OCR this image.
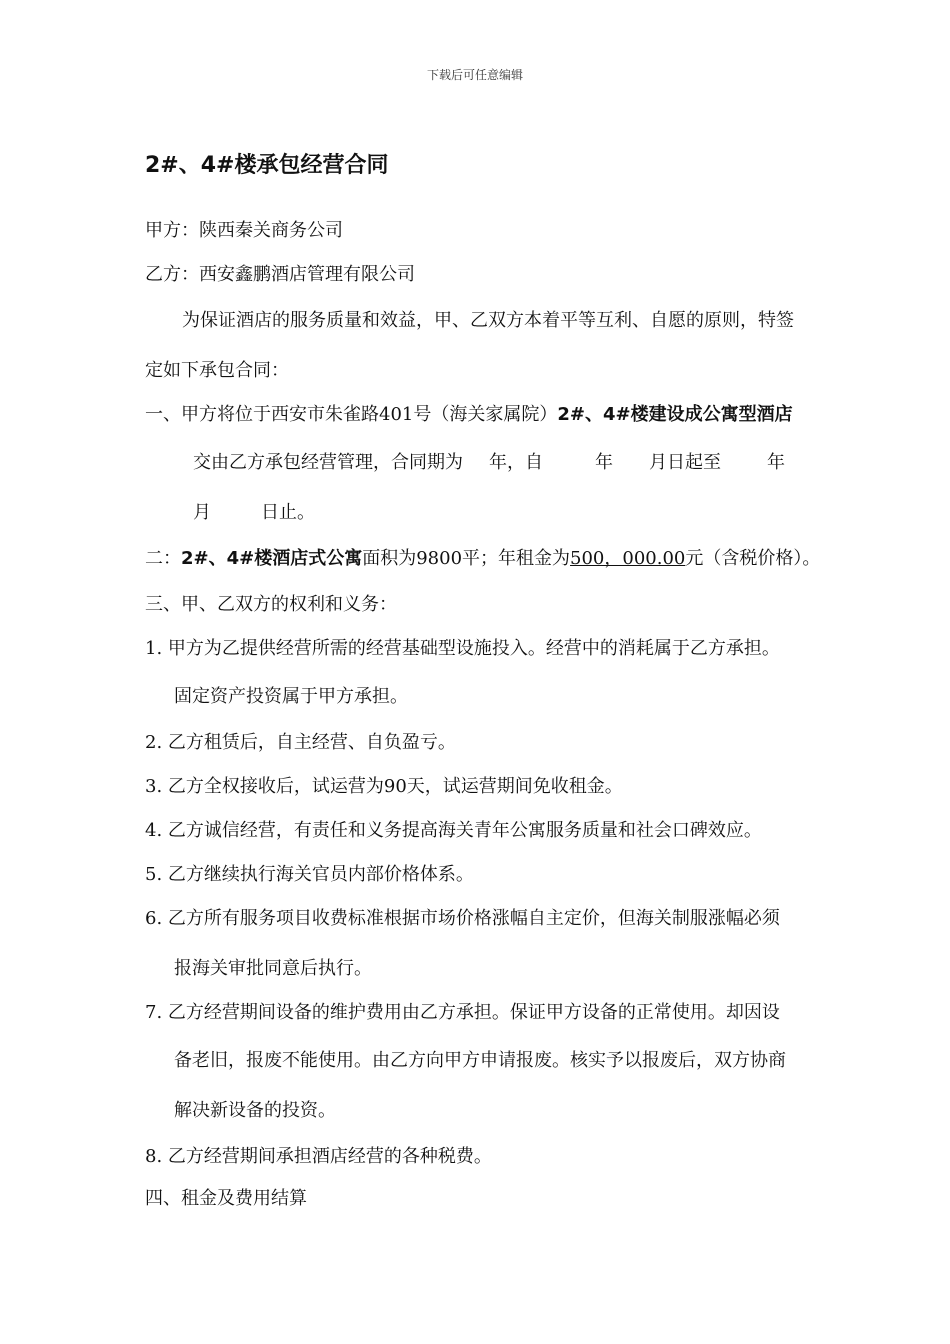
下载后可任意编辑
2#、4#楼承包经营合同
甲方：陕西秦关商务公司
乙方：西安鑫鹏酒店管理有限公司
为保证酒店的服务质量和效益，甲、乙双方本着平等互利、自愿的原则，特签
定如下承包合同：
一、甲方将位于西安市朱雀路401号（海关家属院）2#、4#楼建设成公寓型酒店
交由乙方承包经营管理，合同期为 年，自	年 月日起至	年
月	日止。
二：2#、4#楼酒店式公寓面积为9800平；年租金为500，000.00元（含税价格）。
三、甲、乙双方的权利和义务：
1. 甲方为乙提供经营所需的经营基础型设施投入。经营中的消耗属于乙方承担。
固定资产投资属于甲方承担。
2. 乙方租赁后，自主经营、自负盈亏。
3. 乙方全权接收后，试运营为90天，试运营期间免收租金。
4. 乙方诚信经营，有责任和义务提高海关青年公寓服务质量和社会口碑效应。
5. 乙方继续执行海关官员内部价格体系。
6. 乙方所有服务项目收费标准根据市场价格涨幅自主定价，但海关制服涨幅必须
报海关审批同意后执行。
7. 乙方经营期间设备的维护费用由乙方承担。保证甲方设备的正常使用。却因设
备老旧，报废不能使用。由乙方向甲方申请报废。核实予以报废后，双方协商
解决新设备的投资。
8. 乙方经营期间承担酒店经营的各种税费。
四、租金及费用结算
